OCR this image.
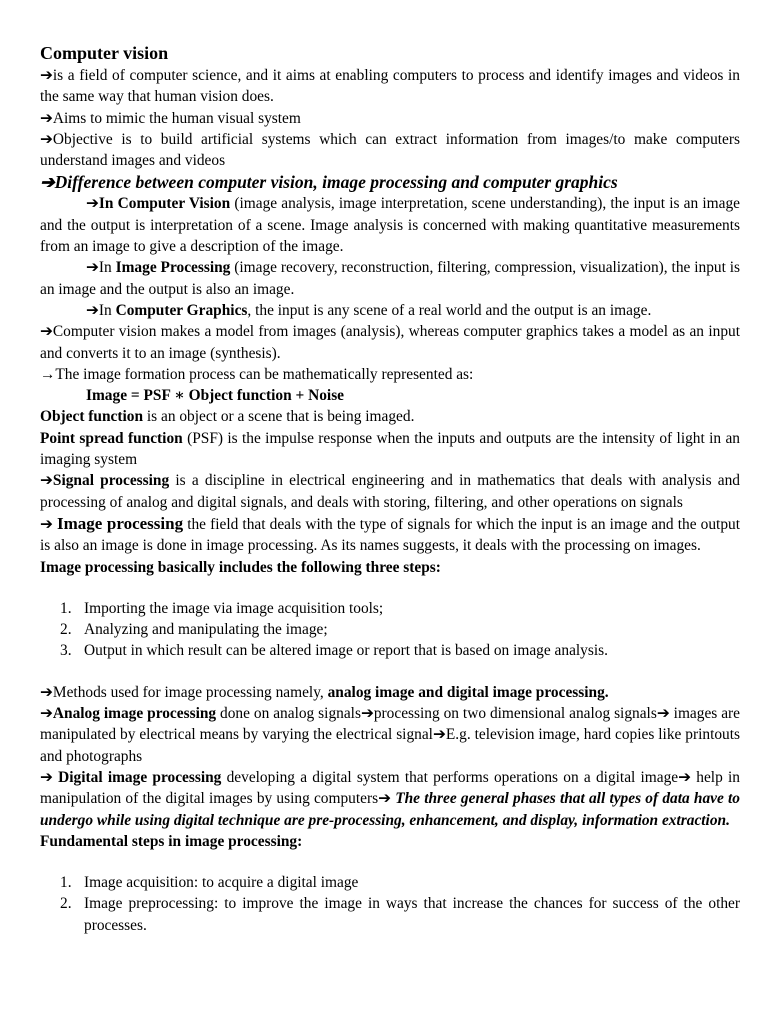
Computer vision

➔is a field of computer science, and it aims at enabling computers to process and identify images and videos in the same way that human vision does.

➔Aims to mimic the human visual system

➔Objective is to build artificial systems which can extract information from images/to make computers understand images and videos

➔Difference between computer vision, image processing and computer graphics

➔In Computer Vision (image analysis, image interpretation, scene understanding), the input is an image and the output is interpretation of a scene. Image analysis is concerned with making quantitative measurements from an image to give a description of the image.

➔In Image Processing (image recovery, reconstruction, filtering, compression, visualization), the input is an image and the output is also an image.

➔In Computer Graphics, the input is any scene of a real world and the output is an image.

➔Computer vision makes a model from images (analysis), whereas computer graphics takes a model as an input and converts it to an image (synthesis).

→The image formation process can be mathematically represented as:

Image = PSF ∗ Object function + Noise

Object function is an object or a scene that is being imaged.

Point spread function (PSF) is the impulse response when the inputs and outputs are the intensity of light in an imaging system

➔Signal processing is a discipline in electrical engineering and in mathematics that deals with analysis and processing of analog and digital signals, and deals with storing, filtering, and other operations on signals

➔ Image processing the field that deals with the type of signals for which the input is an image and the output is also an image is done in image processing. As its names suggests, it deals with the processing on images.

Image processing basically includes the following three steps:

1. Importing the image via image acquisition tools;
2. Analyzing and manipulating the image;
3. Output in which result can be altered image or report that is based on image analysis.

➔Methods used for image processing namely, analog image and digital image processing.

➔Analog image processing done on analog signals➔processing on two dimensional analog signals➔ images are manipulated by electrical means by varying the electrical signal➔E.g. television image, hard copies like printouts and photographs

➔ Digital image processing developing a digital system that performs operations on a digital image➔ help in manipulation of the digital images by using computers➔ The three general phases that all types of data have to undergo while using digital technique are pre-processing, enhancement, and display, information extraction.

Fundamental steps in image processing:

1. Image acquisition: to acquire a digital image
2. Image preprocessing: to improve the image in ways that increase the chances for success of the other processes.
